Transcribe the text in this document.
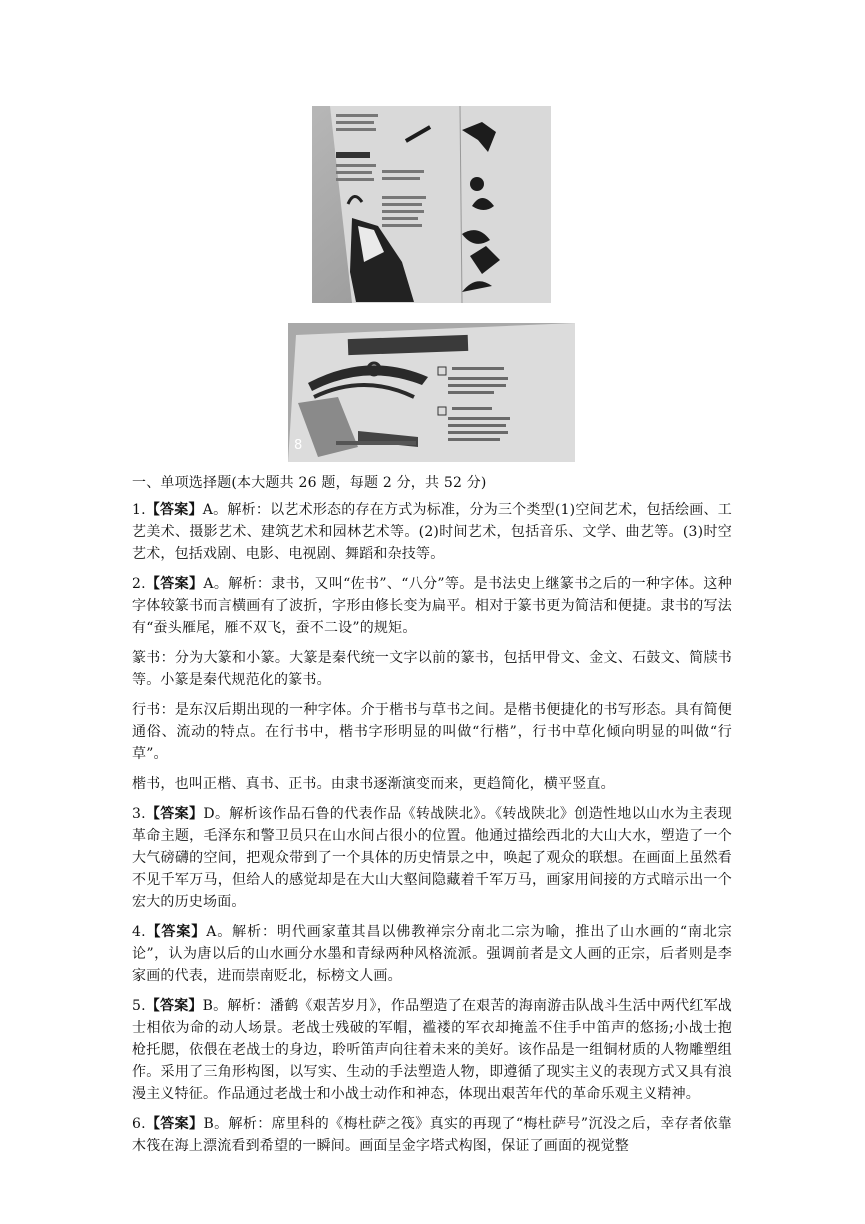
8

一、单项选择题(本大题共 26 题，每题 2 分，共 52 分)

1.【答案】A。解析：以艺术形态的存在方式为标准，分为三个类型(1)空间艺术，包括绘画、工艺美术、摄影艺术、建筑艺术和园林艺术等。(2)时间艺术，包括音乐、文学、曲艺等。(3)时空艺术，包括戏剧、电影、电视剧、舞蹈和杂技等。

2.【答案】A。解析：隶书，又叫“佐书”、“八分”等。是书法史上继篆书之后的一种字体。这种字体较篆书而言横画有了波折，字形由修长变为扁平。相对于篆书更为简洁和便捷。隶书的写法有“蚕头雁尾，雁不双飞，蚕不二设”的规矩。

篆书：分为大篆和小篆。大篆是秦代统一文字以前的篆书，包括甲骨文、金文、石鼓文、简牍书等。小篆是秦代规范化的篆书。

行书：是东汉后期出现的一种字体。介于楷书与草书之间。是楷书便捷化的书写形态。具有简便通俗、流动的特点。在行书中，楷书字形明显的叫做“行楷”，行书中草化倾向明显的叫做“行草”。

楷书，也叫正楷、真书、正书。由隶书逐渐演变而来，更趋简化，横平竖直。

3.【答案】D。解析该作品石鲁的代表作品《转战陕北》。《转战陕北》创造性地以山水为主表现革命主题，毛泽东和警卫员只在山水间占很小的位置。他通过描绘西北的大山大水，塑造了一个大气磅礴的空间，把观众带到了一个具体的历史情景之中，唤起了观众的联想。在画面上虽然看不见千军万马，但给人的感觉却是在大山大壑间隐藏着千军万马，画家用间接的方式暗示出一个宏大的历史场面。

4.【答案】A。解析：明代画家董其昌以佛教禅宗分南北二宗为喻，推出了山水画的“南北宗论”，认为唐以后的山水画分水墨和青绿两种风格流派。强调前者是文人画的正宗，后者则是李家画的代表，进而崇南贬北，标榜文人画。

5.【答案】B。解析：潘鹤《艰苦岁月》，作品塑造了在艰苦的海南游击队战斗生活中两代红军战士相依为命的动人场景。老战士残破的军帽，褴褛的军衣却掩盖不住手中笛声的悠扬;小战士抱枪托腮，依偎在老战士的身边，聆听笛声向往着未来的美好。该作品是一组铜材质的人物雕塑组作。采用了三角形构图，以写实、生动的手法塑造人物，即遵循了现实主义的表现方式又具有浪漫主义特征。作品通过老战士和小战士动作和神态，体现出艰苦年代的革命乐观主义精神。

6.【答案】B。解析：席里科的《梅杜萨之筏》真实的再现了“梅杜萨号”沉没之后，幸存者依靠木筏在海上漂流看到希望的一瞬间。画面呈金字塔式构图，保证了画面的视觉整
